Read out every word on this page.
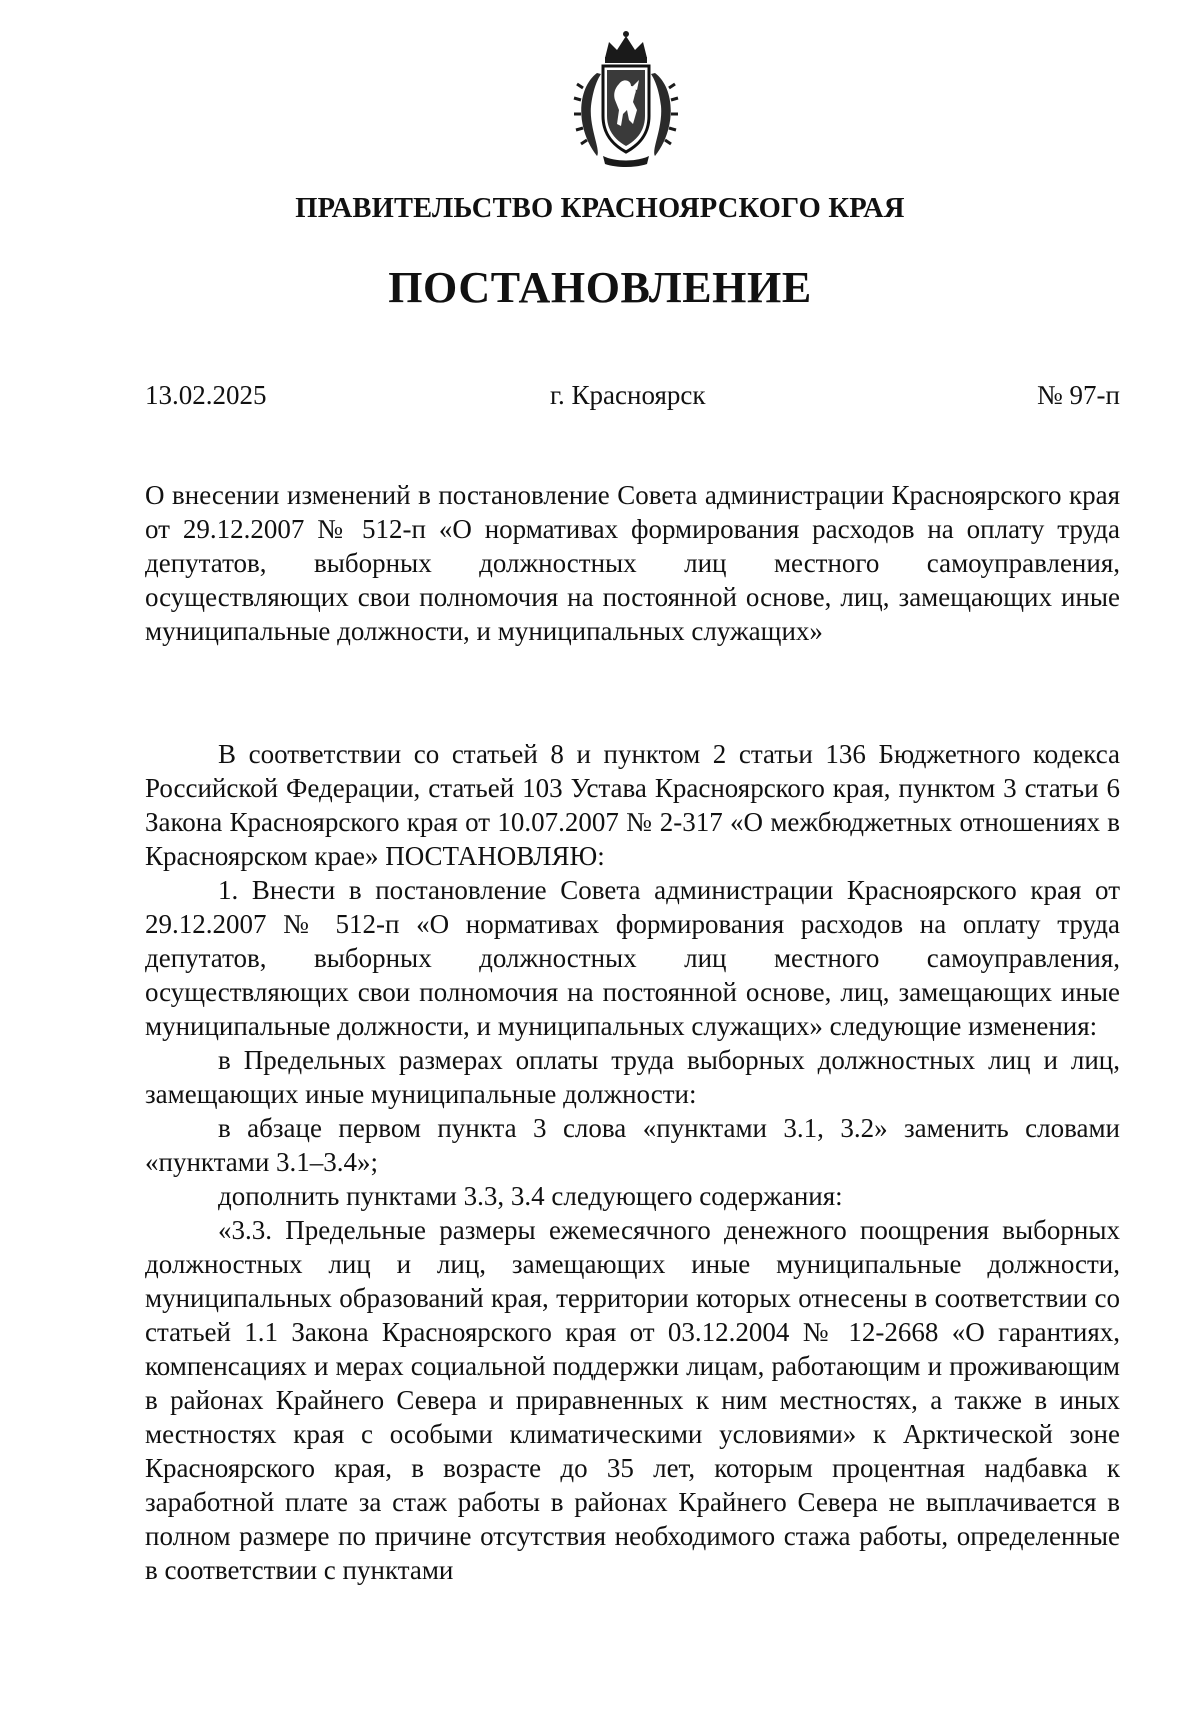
ПРАВИТЕЛЬСТВО КРАСНОЯРСКОГО КРАЯ
ПОСТАНОВЛЕНИЕ
13.02.2025	г. Красноярск	№ 97-п
О внесении изменений в постановление Совета администрации Красноярского края от 29.12.2007 № 512-п «О нормативах формирования расходов на оплату труда депутатов, выборных должностных лиц местного самоуправления, осуществляющих свои полномочия на постоянной основе, лиц, замещающих иные муниципальные должности, и муниципальных служащих»

В соответствии со статьей 8 и пунктом 2 статьи 136 Бюджетного кодекса Российской Федерации, статьей 103 Устава Красноярского края, пунктом 3 статьи 6 Закона Красноярского края от 10.07.2007 № 2-317 «О межбюджетных отношениях в Красноярском крае» ПОСТАНОВЛЯЮ:

1. Внести в постановление Совета администрации Красноярского края от 29.12.2007 № 512-п «О нормативах формирования расходов на оплату труда депутатов, выборных должностных лиц местного самоуправления, осуществляющих свои полномочия на постоянной основе, лиц, замещающих иные муниципальные должности, и муниципальных служащих» следующие изменения:

в Предельных размерах оплаты труда выборных должностных лиц и лиц, замещающих иные муниципальные должности:

в абзаце первом пункта 3 слова «пунктами 3.1, 3.2» заменить словами «пунктами 3.1–3.4»;

дополнить пунктами 3.3, 3.4 следующего содержания:

«3.3. Предельные размеры ежемесячного денежного поощрения выборных должностных лиц и лиц, замещающих иные муниципальные должности, муниципальных образований края, территории которых отнесены в соответствии со статьей 1.1 Закона Красноярского края от 03.12.2004 № 12-2668 «О гарантиях, компенсациях и мерах социальной поддержки лицам, работающим и проживающим в районах Крайнего Севера и приравненных к ним местностях, а также в иных местностях края с особыми климатическими условиями» к Арктической зоне Красноярского края, в возрасте до 35 лет, которым процентная надбавка к заработной плате за стаж работы в районах Крайнего Севера не выплачивается в полном размере по причине отсутствия необходимого стажа работы, определенные в соответствии с пунктами
